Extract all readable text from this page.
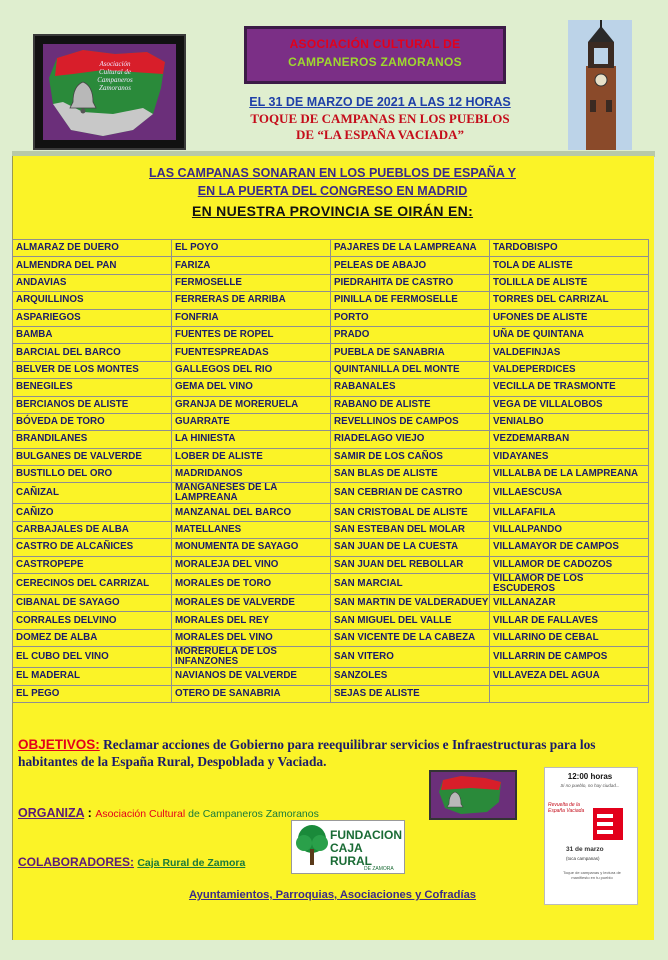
Asociación
Cultural de
Campaneros
Zamoranos
ASOCIACIÓN CULTURAL DE
CAMPANEROS ZAMORANOS
EL 31 DE MARZO DE 2021 A LAS 12 HORAS
TOQUE DE CAMPANAS EN LOS PUEBLOS
DE “LA ESPAÑA VACIADA”
LAS CAMPANAS SONARAN EN LOS PUEBLOS DE ESPAÑA Y
EN LA PUERTA DEL CONGRESO EN MADRID
EN NUESTRA PROVINCIA SE OIRÁN EN:
ALMARAZ DE DUERO	EL POYO	PAJARES DE LA LAMPREANA	TARDOBISPO
ALMENDRA DEL PAN	FARIZA	PELEAS DE ABAJO	TOLA DE ALISTE
ANDAVIAS	FERMOSELLE	PIEDRAHITA DE CASTRO	TOLILLA DE ALISTE
ARQUILLINOS	FERRERAS DE ARRIBA	PINILLA DE FERMOSELLE	TORRES DEL CARRIZAL
ASPARIEGOS	FONFRIA	PORTO	UFONES DE ALISTE
BAMBA	FUENTES DE ROPEL	PRADO	UÑA DE QUINTANA
BARCIAL DEL BARCO	FUENTESPREADAS	PUEBLA DE SANABRIA	VALDEFINJAS
BELVER DE LOS MONTES	GALLEGOS DEL RIO	QUINTANILLA DEL MONTE	VALDEPERDICES
BENEGILES	GEMA DEL VINO	RABANALES	VECILLA DE TRASMONTE
BERCIANOS DE ALISTE	GRANJA DE MORERUELA	RABANO DE ALISTE	VEGA DE VILLALOBOS
BÓVEDA DE TORO	GUARRATE	REVELLINOS DE CAMPOS	VENIALBO
BRANDILANES	LA HINIESTA	RIADELAGO VIEJO	VEZDEMARBAN
BULGANES DE VALVERDE	LOBER DE ALISTE	SAMIR DE LOS CAÑOS	VIDAYANES
BUSTILLO DEL ORO	MADRIDANOS	SAN BLAS DE ALISTE	VILLALBA DE LA LAMPREANA
CAÑIZAL	MANGANESES DE LA LAMPREANA	SAN CEBRIAN DE CASTRO	VILLAESCUSA
CAÑIZO	MANZANAL DEL BARCO	SAN CRISTOBAL DE ALISTE	VILLAFAFILA
CARBAJALES DE ALBA	MATELLANES	SAN ESTEBAN DEL MOLAR	VILLALPANDO
CASTRO DE ALCAÑICES	MONUMENTA DE SAYAGO	SAN JUAN DE LA CUESTA	VILLAMAYOR DE CAMPOS
CASTROPEPE	MORALEJA DEL VINO	SAN JUAN DEL REBOLLAR	VILLAMOR DE CADOZOS
CERECINOS DEL CARRIZAL	MORALES DE TORO	SAN MARCIAL	VILLAMOR DE LOS ESCUDEROS
CIBANAL DE SAYAGO	MORALES DE VALVERDE	SAN MARTIN DE VALDERADUEY	VILLANAZAR
CORRALES DELVINO	MORALES DEL REY	SAN MIGUEL DEL VALLE	VILLAR DE FALLAVES
DOMEZ DE ALBA	MORALES DEL VINO	SAN VICENTE DE LA CABEZA	VILLARINO DE CEBAL
EL CUBO DEL VINO	MORERUELA DE LOS INFANZONES	SAN VITERO	VILLARRIN DE CAMPOS
EL MADERAL	NAVIANOS DE VALVERDE	SANZOLES	VILLAVEZA DEL AGUA
EL PEGO	OTERO DE SANABRIA	SEJAS DE ALISTE	
OBJETIVOS: Reclamar acciones de Gobierno para reequilibrar servicios e Infraestructuras para los habitantes de la España Rural, Despoblada y Vaciada.
ORGANIZA : Asociación Cultural de Campaneros Zamoranos
COLABORADORES: Caja Rural de Zamora
FUNDACION
CAJA
RURAL
DE ZAMORA
Ayuntamientos, Parroquias, Asociaciones y Cofradías
12:00 horas
Si no pueblo, no hay ciudad...
Revuelta de la España Vaciada
31 de marzo
(toca campanas)
Toque de campanas y lectura de manifiesto en tu pueblo
